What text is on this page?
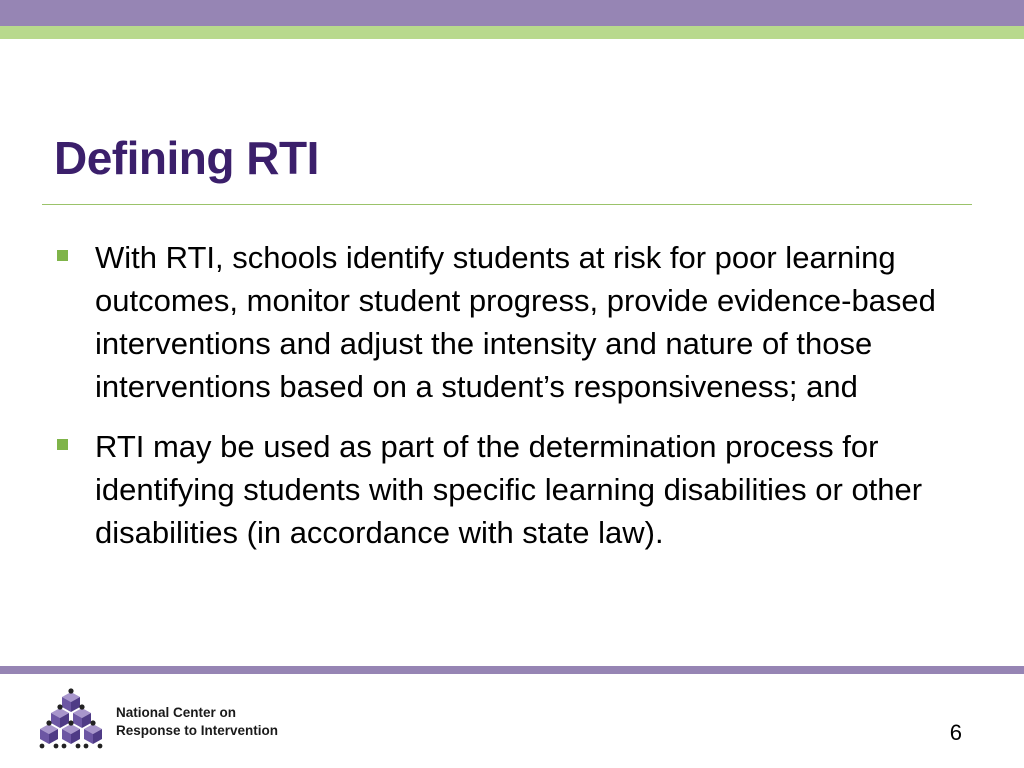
Defining RTI
With RTI, schools identify students at risk for poor learning outcomes, monitor student progress, provide evidence-based interventions and adjust the intensity and nature of those interventions based on a student’s responsiveness; and
RTI may be used as part of the determination process for identifying students with specific learning disabilities or other disabilities (in accordance with state law).
National Center on
Response to Intervention	6
